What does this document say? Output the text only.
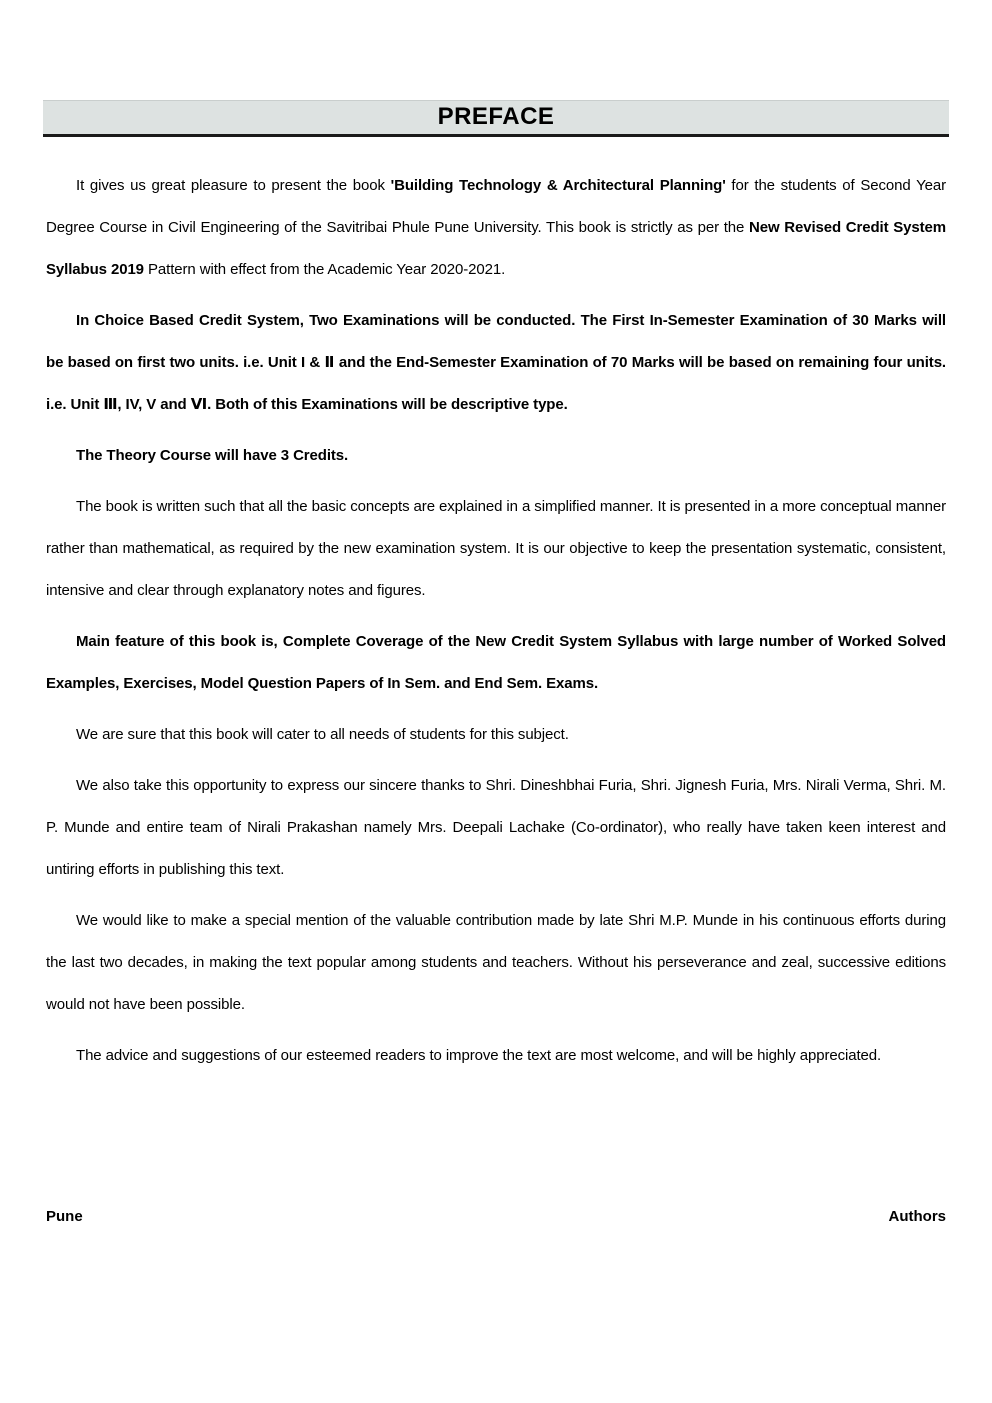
PREFACE

It gives us great pleasure to present the book 'Building Technology & Architectural Planning' for the students of Second Year Degree Course in Civil Engineering of the Savitribai Phule Pune University. This book is strictly as per the New Revised Credit System Syllabus 2019 Pattern with effect from the Academic Year 2020-2021.

In Choice Based Credit System, Two Examinations will be conducted. The First In-Semester Examination of 30 Marks will be based on first two units. i.e. Unit I & Ⅱ and the End-Semester Examination of 70 Marks will be based on remaining four units. i.e. Unit Ⅲ, IV, V and Ⅵ. Both of this Examinations will be descriptive type.

The Theory Course will have 3 Credits.

The book is written such that all the basic concepts are explained in a simplified manner. It is presented in a more conceptual manner rather than mathematical, as required by the new examination system. It is our objective to keep the presentation systematic, consistent, intensive and clear through explanatory notes and figures.

Main feature of this book is, Complete Coverage of the New Credit System Syllabus with large number of Worked Solved Examples, Exercises, Model Question Papers of In Sem. and End Sem. Exams.

We are sure that this book will cater to all needs of students for this subject.

We also take this opportunity to express our sincere thanks to Shri. Dineshbhai Furia, Shri. Jignesh Furia, Mrs. Nirali Verma, Shri. M. P. Munde and entire team of Nirali Prakashan namely Mrs. Deepali Lachake (Co-ordinator), who really have taken keen interest and untiring efforts in publishing this text.

We would like to make a special mention of the valuable contribution made by late Shri M.P. Munde in his continuous efforts during the last two decades, in making the text popular among students and teachers. Without his perseverance and zeal, successive editions would not have been possible.

The advice and suggestions of our esteemed readers to improve the text are most welcome, and will be highly appreciated.

Pune	Authors
